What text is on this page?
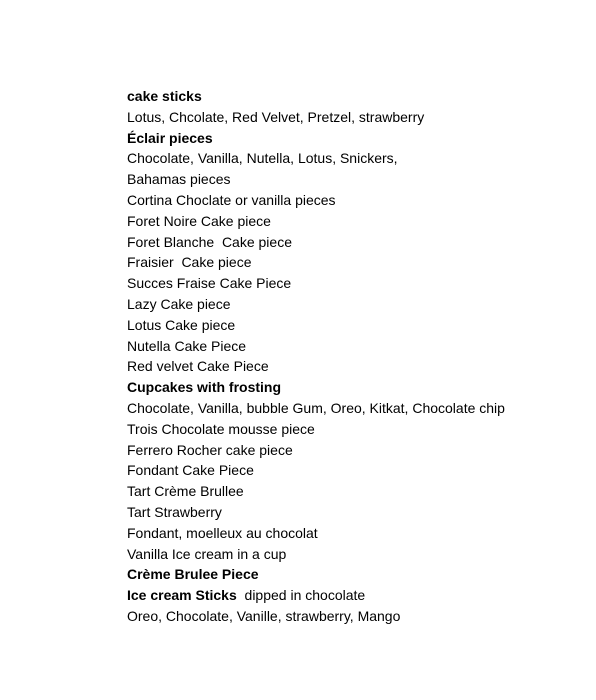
cake sticks
Lotus, Chcolate, Red Velvet, Pretzel, strawberry
Éclair pieces
Chocolate, Vanilla, Nutella, Lotus, Snickers,
Bahamas pieces
Cortina Choclate or vanilla pieces
Foret Noire Cake piece
Foret Blanche  Cake piece
Fraisier  Cake piece
Succes Fraise Cake Piece
Lazy Cake piece
Lotus Cake piece
Nutella Cake Piece
Red velvet Cake Piece
Cupcakes with frosting
Chocolate, Vanilla, bubble Gum, Oreo, Kitkat, Chocolate chip
Trois Chocolate mousse piece
Ferrero Rocher cake piece
Fondant Cake Piece
Tart Crème Brullee
Tart Strawberry
Fondant, moelleux au chocolat
Vanilla Ice cream in a cup
Crème Brulee Piece
Ice cream Sticks  dipped in chocolate
Oreo, Chocolate, Vanille, strawberry, Mango
